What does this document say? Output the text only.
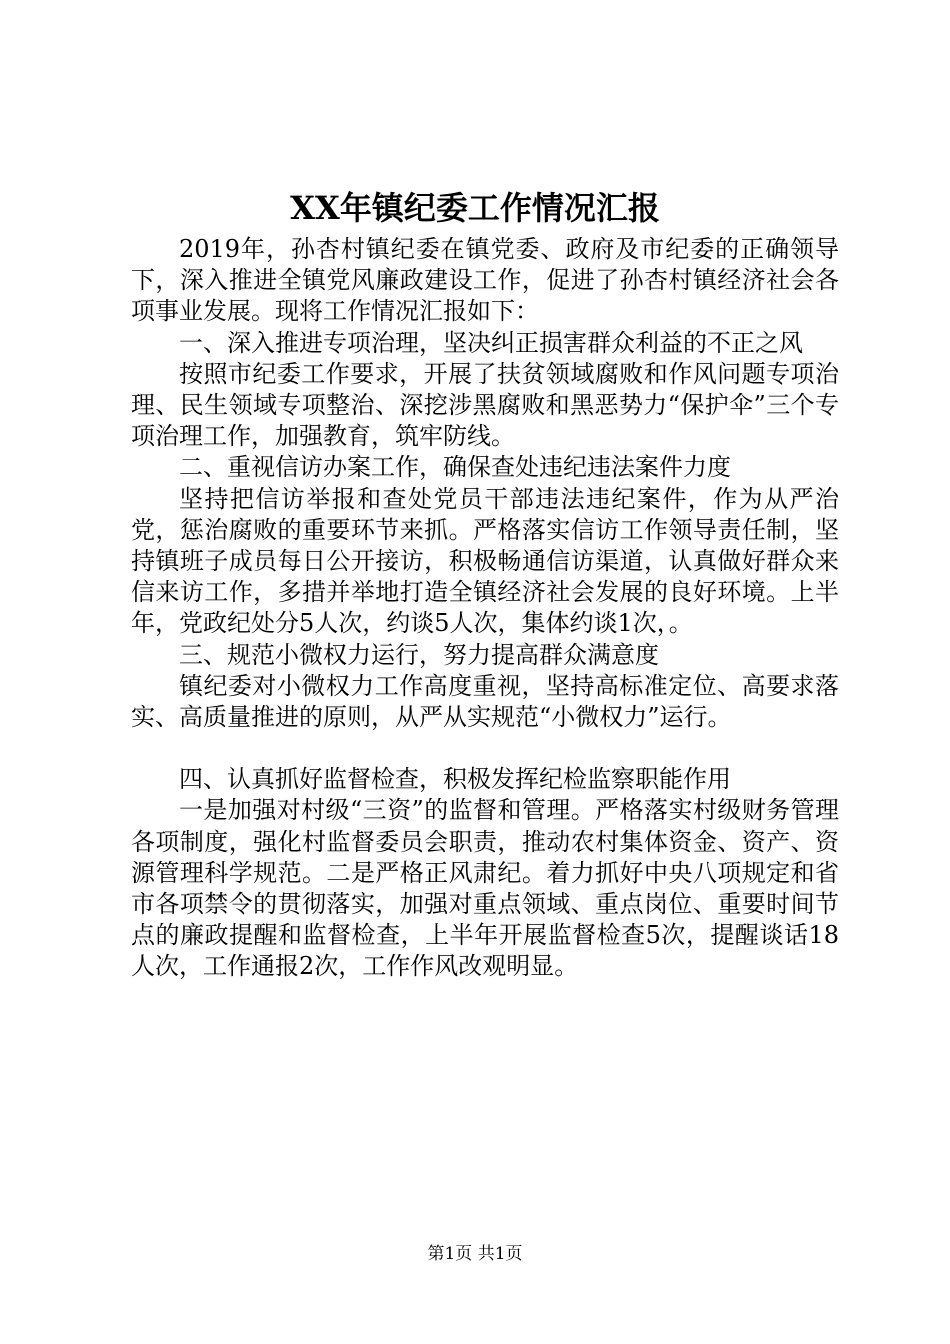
XX年镇纪委工作情况汇报

2019年，孙杏村镇纪委在镇党委、政府及市纪委的正确领导下，深入推进全镇党风廉政建设工作，促进了孙杏村镇经济社会各项事业发展。现将工作情况汇报如下：

一、深入推进专项治理，坚决纠正损害群众利益的不正之风

按照市纪委工作要求，开展了扶贫领域腐败和作风问题专项治理、民生领域专项整治、深挖涉黑腐败和黑恶势力“保护伞”三个专项治理工作，加强教育，筑牢防线。

二、重视信访办案工作，确保查处违纪违法案件力度

坚持把信访举报和查处党员干部违法违纪案件，作为从严治党，惩治腐败的重要环节来抓。严格落实信访工作领导责任制，坚持镇班子成员每日公开接访，积极畅通信访渠道，认真做好群众来信来访工作，多措并举地打造全镇经济社会发展的良好环境。上半年，党政纪处分5人次，约谈5人次，集体约谈1次，。

三、规范小微权力运行，努力提高群众满意度

镇纪委对小微权力工作高度重视，坚持高标准定位、高要求落实、高质量推进的原则，从严从实规范“小微权力”运行。

四、认真抓好监督检查，积极发挥纪检监察职能作用

一是加强对村级“三资”的监督和管理。严格落实村级财务管理各项制度，强化村监督委员会职责，推动农村集体资金、资产、资源管理科学规范。二是严格正风肃纪。着力抓好中央八项规定和省市各项禁令的贯彻落实，加强对重点领域、重点岗位、重要时间节点的廉政提醒和监督检查，上半年开展监督检查5次，提醒谈话18人次，工作通报2次，工作作风改观明显。

第1页 共1页
